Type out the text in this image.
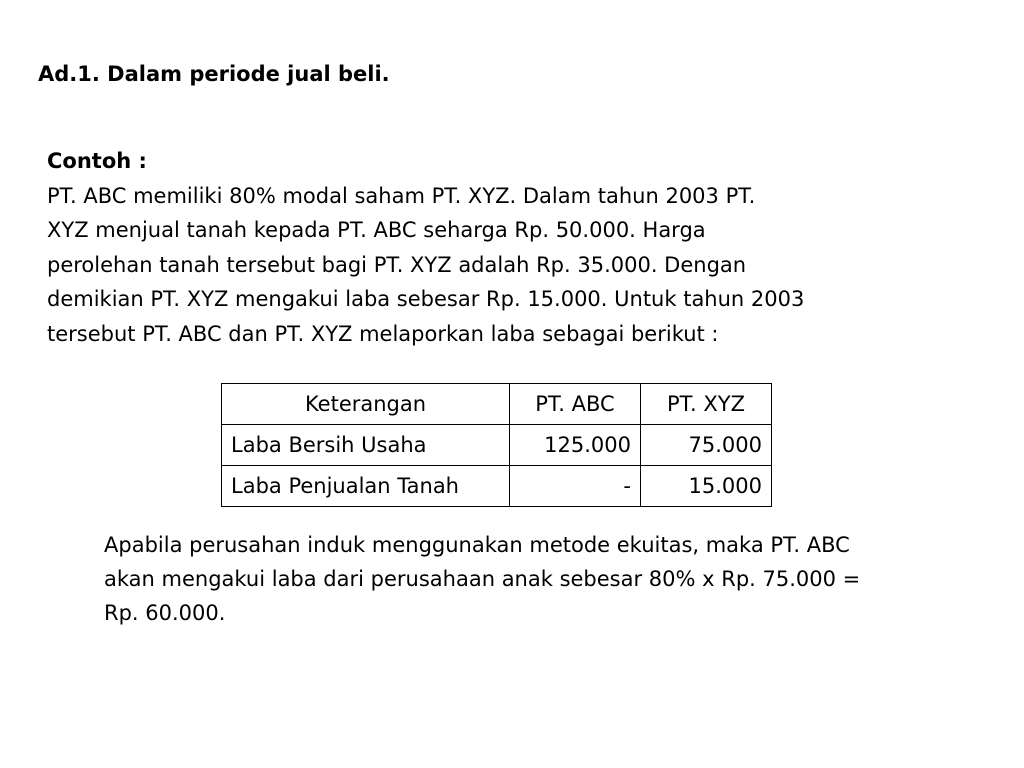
Ad.1. Dalam periode jual beli.
Contoh :
PT. ABC memiliki 80% modal saham PT. XYZ. Dalam tahun 2003 PT.
XYZ menjual tanah kepada PT. ABC seharga Rp. 50.000. Harga
perolehan tanah tersebut bagi PT. XYZ adalah Rp. 35.000. Dengan
demikian PT. XYZ mengakui laba sebesar Rp. 15.000. Untuk tahun 2003
tersebut PT. ABC dan PT. XYZ melaporkan laba sebagai berikut :
Keterangan	PT. ABC	PT. XYZ
Laba Bersih Usaha	125.000	75.000
Laba Penjualan Tanah	-	15.000
Apabila perusahan induk menggunakan metode ekuitas, maka PT. ABC
akan mengakui laba dari perusahaan anak sebesar 80% x Rp. 75.000 =
Rp. 60.000.
